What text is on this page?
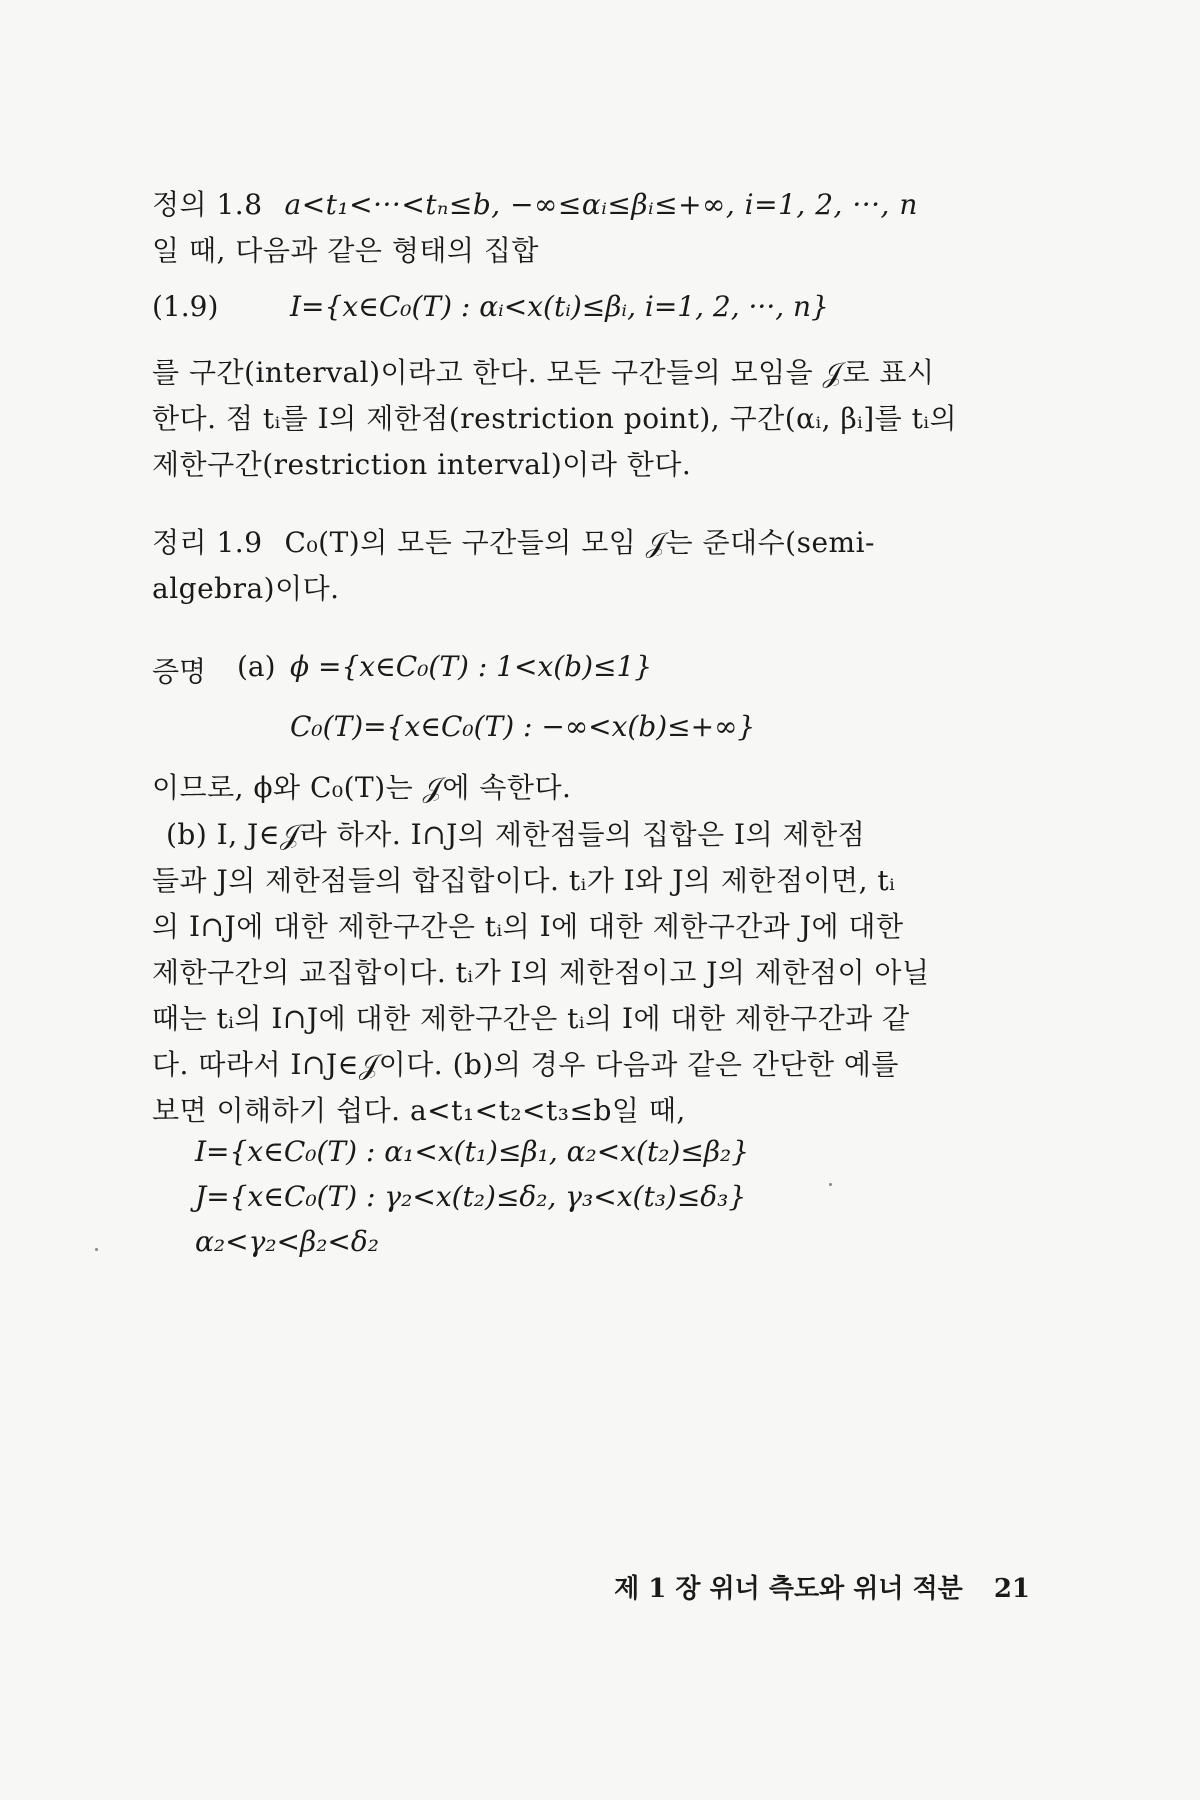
정의 1.8 a<t₁<···<tₙ≤b, −∞≤αᵢ≤βᵢ≤+∞, i=1, 2, ···, n
일 때, 다음과 같은 형태의 집합
(1.9)	I={x∈C₀(T) : αᵢ<x(tᵢ)≤βᵢ, i=1, 2, ···, n}
를 구간(interval)이라고 한다. 모든 구간들의 모임을 𝒥로 표시
한다. 점 tᵢ를 I의 제한점(restriction point), 구간(αᵢ, βᵢ]를 tᵢ의
제한구간(restriction interval)이라 한다.
정리 1.9 C₀(T)의 모든 구간들의 모임 𝒥는 준대수(semi-
algebra)이다.
증명 (a) ϕ ={x∈C₀(T) : 1<x(b)≤1}
C₀(T)={x∈C₀(T) : −∞<x(b)≤+∞}
이므로, ϕ와 C₀(T)는 𝒥에 속한다.
(b) I, J∈𝒥라 하자. I∩J의 제한점들의 집합은 I의 제한점
들과 J의 제한점들의 합집합이다. tᵢ가 I와 J의 제한점이면, tᵢ
의 I∩J에 대한 제한구간은 tᵢ의 I에 대한 제한구간과 J에 대한
제한구간의 교집합이다. tᵢ가 I의 제한점이고 J의 제한점이 아닐
때는 tᵢ의 I∩J에 대한 제한구간은 tᵢ의 I에 대한 제한구간과 같
다. 따라서 I∩J∈𝒥이다. (b)의 경우 다음과 같은 간단한 예를
보면 이해하기 쉽다. a<t₁<t₂<t₃≤b일 때,
I={x∈C₀(T) : α₁<x(t₁)≤β₁, α₂<x(t₂)≤β₂}
J={x∈C₀(T) : γ₂<x(t₂)≤δ₂, γ₃<x(t₃)≤δ₃}
α₂<γ₂<β₂<δ₂
제 1 장 위너 측도와 위너 적분 21
